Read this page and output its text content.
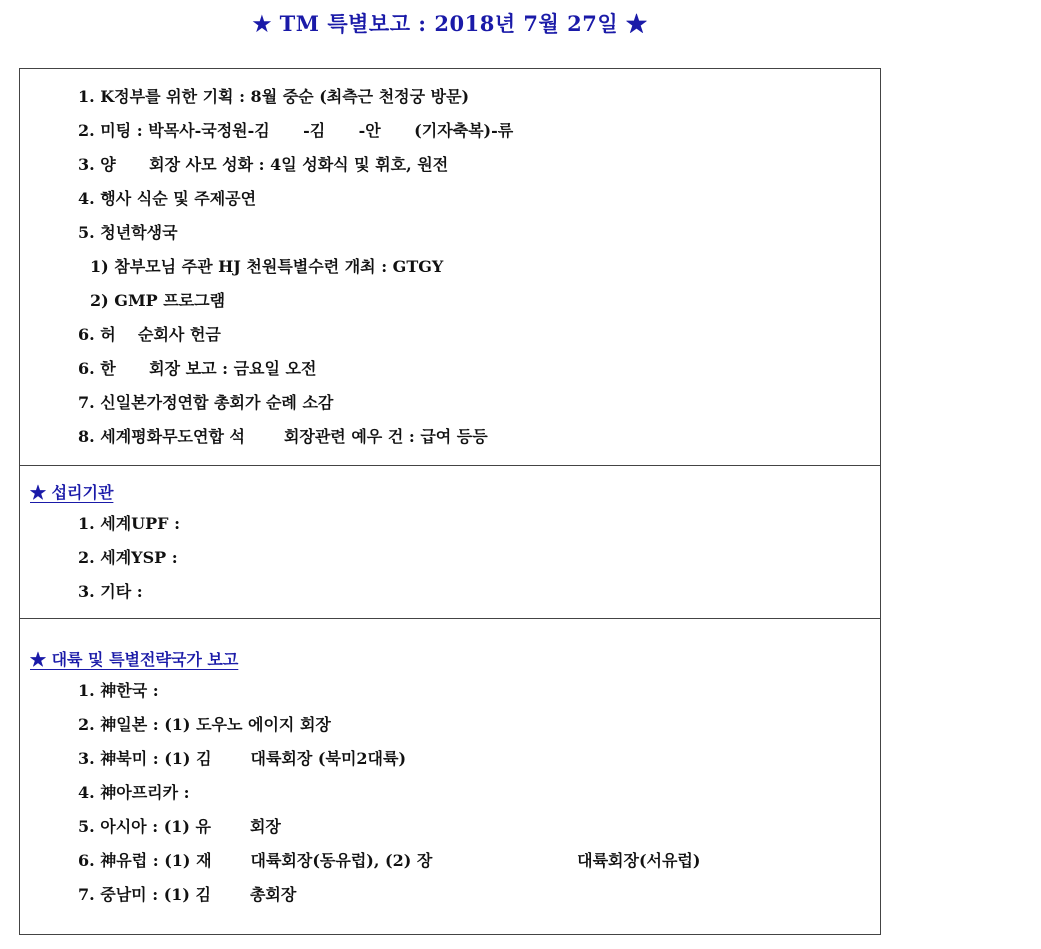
★ TM 특별보고 : 2018년 7월 27일 ★
1. K정부를 위한 기획 : 8월 중순 (최측근 천정궁 방문)
2. 미팅 : 박목사-국정원-김      -김      -안      (기자축복)-류
3. 양      회장 사모 성화 : 4일 성화식 및 휘호, 원전
4. 행사 식순 및 주제공연
5. 청년학생국
1) 참부모님 주관 HJ 천원특별수련 개최 : GTGY
2) GMP 프로그램
6. 허    순회사 헌금
6. 한      회장 보고 : 금요일 오전
7. 신일본가정연합 총회가 순례 소감
8. 세계평화무도연합 석       회장관련 예우 건 : 급여 등등
★ 섭리기관
1. 세계UPF :
2. 세계YSP :
3. 기타 :
★ 대륙 및 특별전략국가 보고
1. 神한국 :
2. 神일본 : (1) 도우노 에이지 회장
3. 神북미 : (1) 김       대륙회장 (북미2대륙)
4. 神아프리카 :
5. 아시아 : (1) 유       회장
6. 神유럽 : (1) 재       대륙회장(동유럽), (2) 장                          대륙회장(서유럽)
7. 중남미 : (1) 김       총회장
